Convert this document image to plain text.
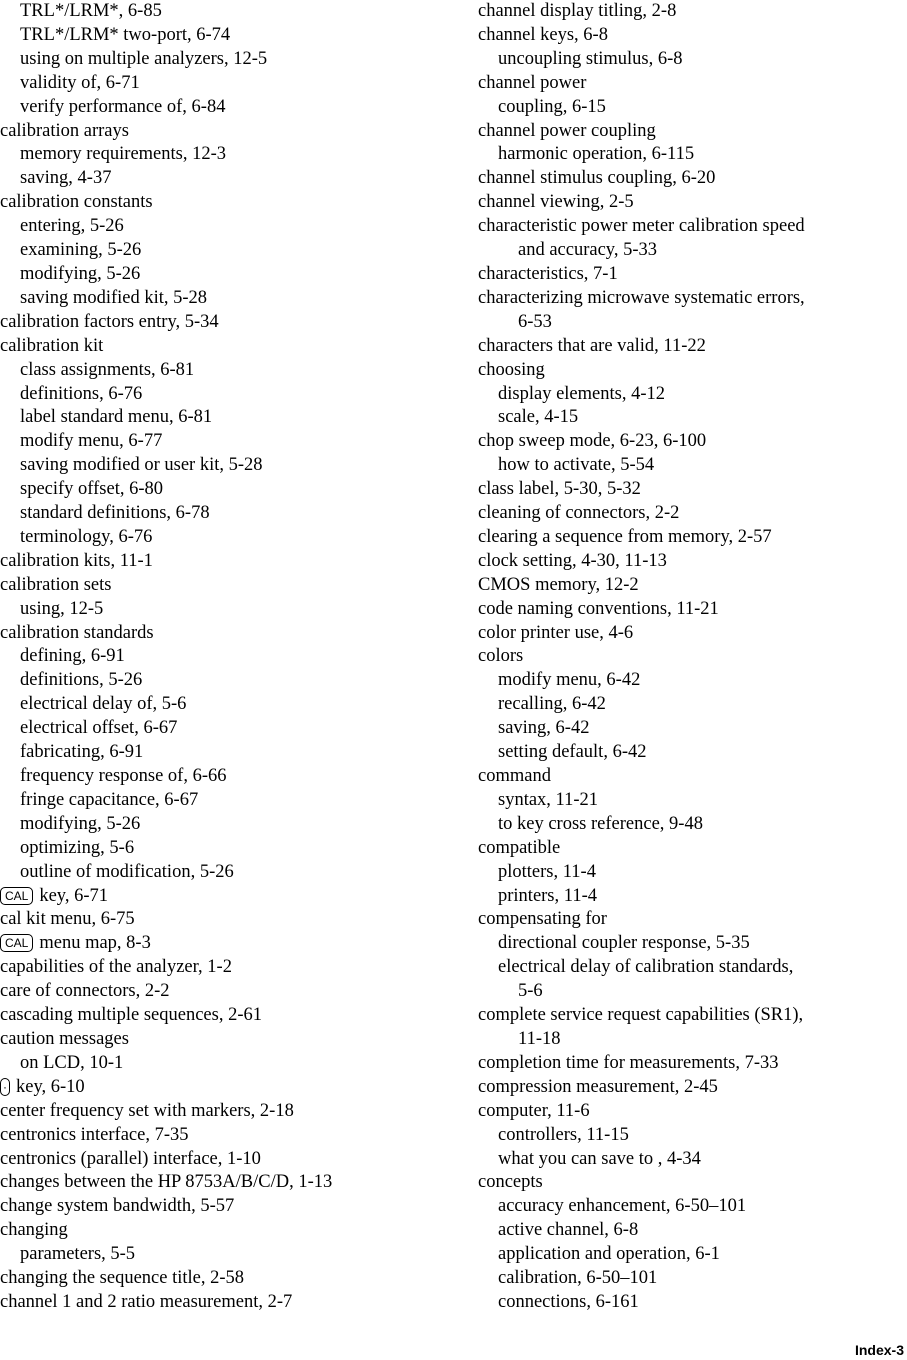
TRL*/LRM*, 6-85
TRL*/LRM* two-port, 6-74
using on multiple analyzers, 12-5
validity of, 6-71
verify performance of, 6-84
calibration arrays
memory requirements, 12-3
saving, 4-37
calibration constants
entering, 5-26
examining, 5-26
modifying, 5-26
saving modified kit, 5-28
calibration factors entry, 5-34
calibration kit
class assignments, 6-81
definitions, 6-76
label standard menu, 6-81
modify menu, 6-77
saving modified or user kit, 5-28
specify offset, 6-80
standard definitions, 6-78
terminology, 6-76
calibration kits, 11-1
calibration sets
using, 12-5
calibration standards
defining, 6-91
definitions, 5-26
electrical delay of, 5-6
electrical offset, 6-67
fabricating, 6-91
frequency response of, 6-66
fringe capacitance, 6-67
modifying, 5-26
optimizing, 5-6
outline of modification, 5-26
CAL key, 6-71
cal kit menu, 6-75
CAL menu map, 8-3
capabilities of the analyzer, 1-2
care of connectors, 2-2
cascading multiple sequences, 2-61
caution messages
on LCD, 10-1
· key, 6-10
center frequency set with markers, 2-18
centronics interface, 7-35
centronics (parallel) interface, 1-10
changes between the HP 8753A/B/C/D, 1-13
change system bandwidth, 5-57
changing
parameters, 5-5
changing the sequence title, 2-58
channel 1 and 2 ratio measurement, 2-7
channel display titling, 2-8
channel keys, 6-8
uncoupling stimulus, 6-8
channel power
coupling, 6-15
channel power coupling
harmonic operation, 6-115
channel stimulus coupling, 6-20
channel viewing, 2-5
characteristic power meter calibration speed
and accuracy, 5-33
characteristics, 7-1
characterizing microwave systematic errors,
6-53
characters that are valid, 11-22
choosing
display elements, 4-12
scale, 4-15
chop sweep mode, 6-23, 6-100
how to activate, 5-54
class label, 5-30, 5-32
cleaning of connectors, 2-2
clearing a sequence from memory, 2-57
clock setting, 4-30, 11-13
CMOS memory, 12-2
code naming conventions, 11-21
color printer use, 4-6
colors
modify menu, 6-42
recalling, 6-42
saving, 6-42
setting default, 6-42
command
syntax, 11-21
to key cross reference, 9-48
compatible
plotters, 11-4
printers, 11-4
compensating for
directional coupler response, 5-35
electrical delay of calibration standards,
5-6
complete service request capabilities (SR1),
11-18
completion time for measurements, 7-33
compression measurement, 2-45
computer, 11-6
controllers, 11-15
what you can save to , 4-34
concepts
accuracy enhancement, 6-50–101
active channel, 6-8
application and operation, 6-1
calibration, 6-50–101
connections, 6-161
Index-3
